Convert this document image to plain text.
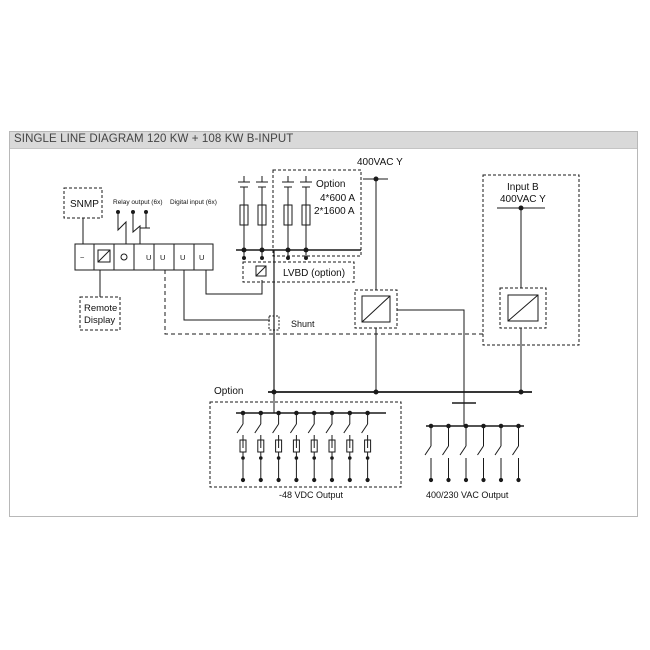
SINGLE LINE DIAGRAM 120 KW + 108 KW B-INPUT
~	U U U U
SNMP Relay output (6x) Digital input (6x)
Remote
Display
Option
4*600 A
2*1600 A
400VAC Y
Input B
400VAC Y
LVBD (option)
Shunt
Option
-48 VDC Output	400/230 VAC Output
